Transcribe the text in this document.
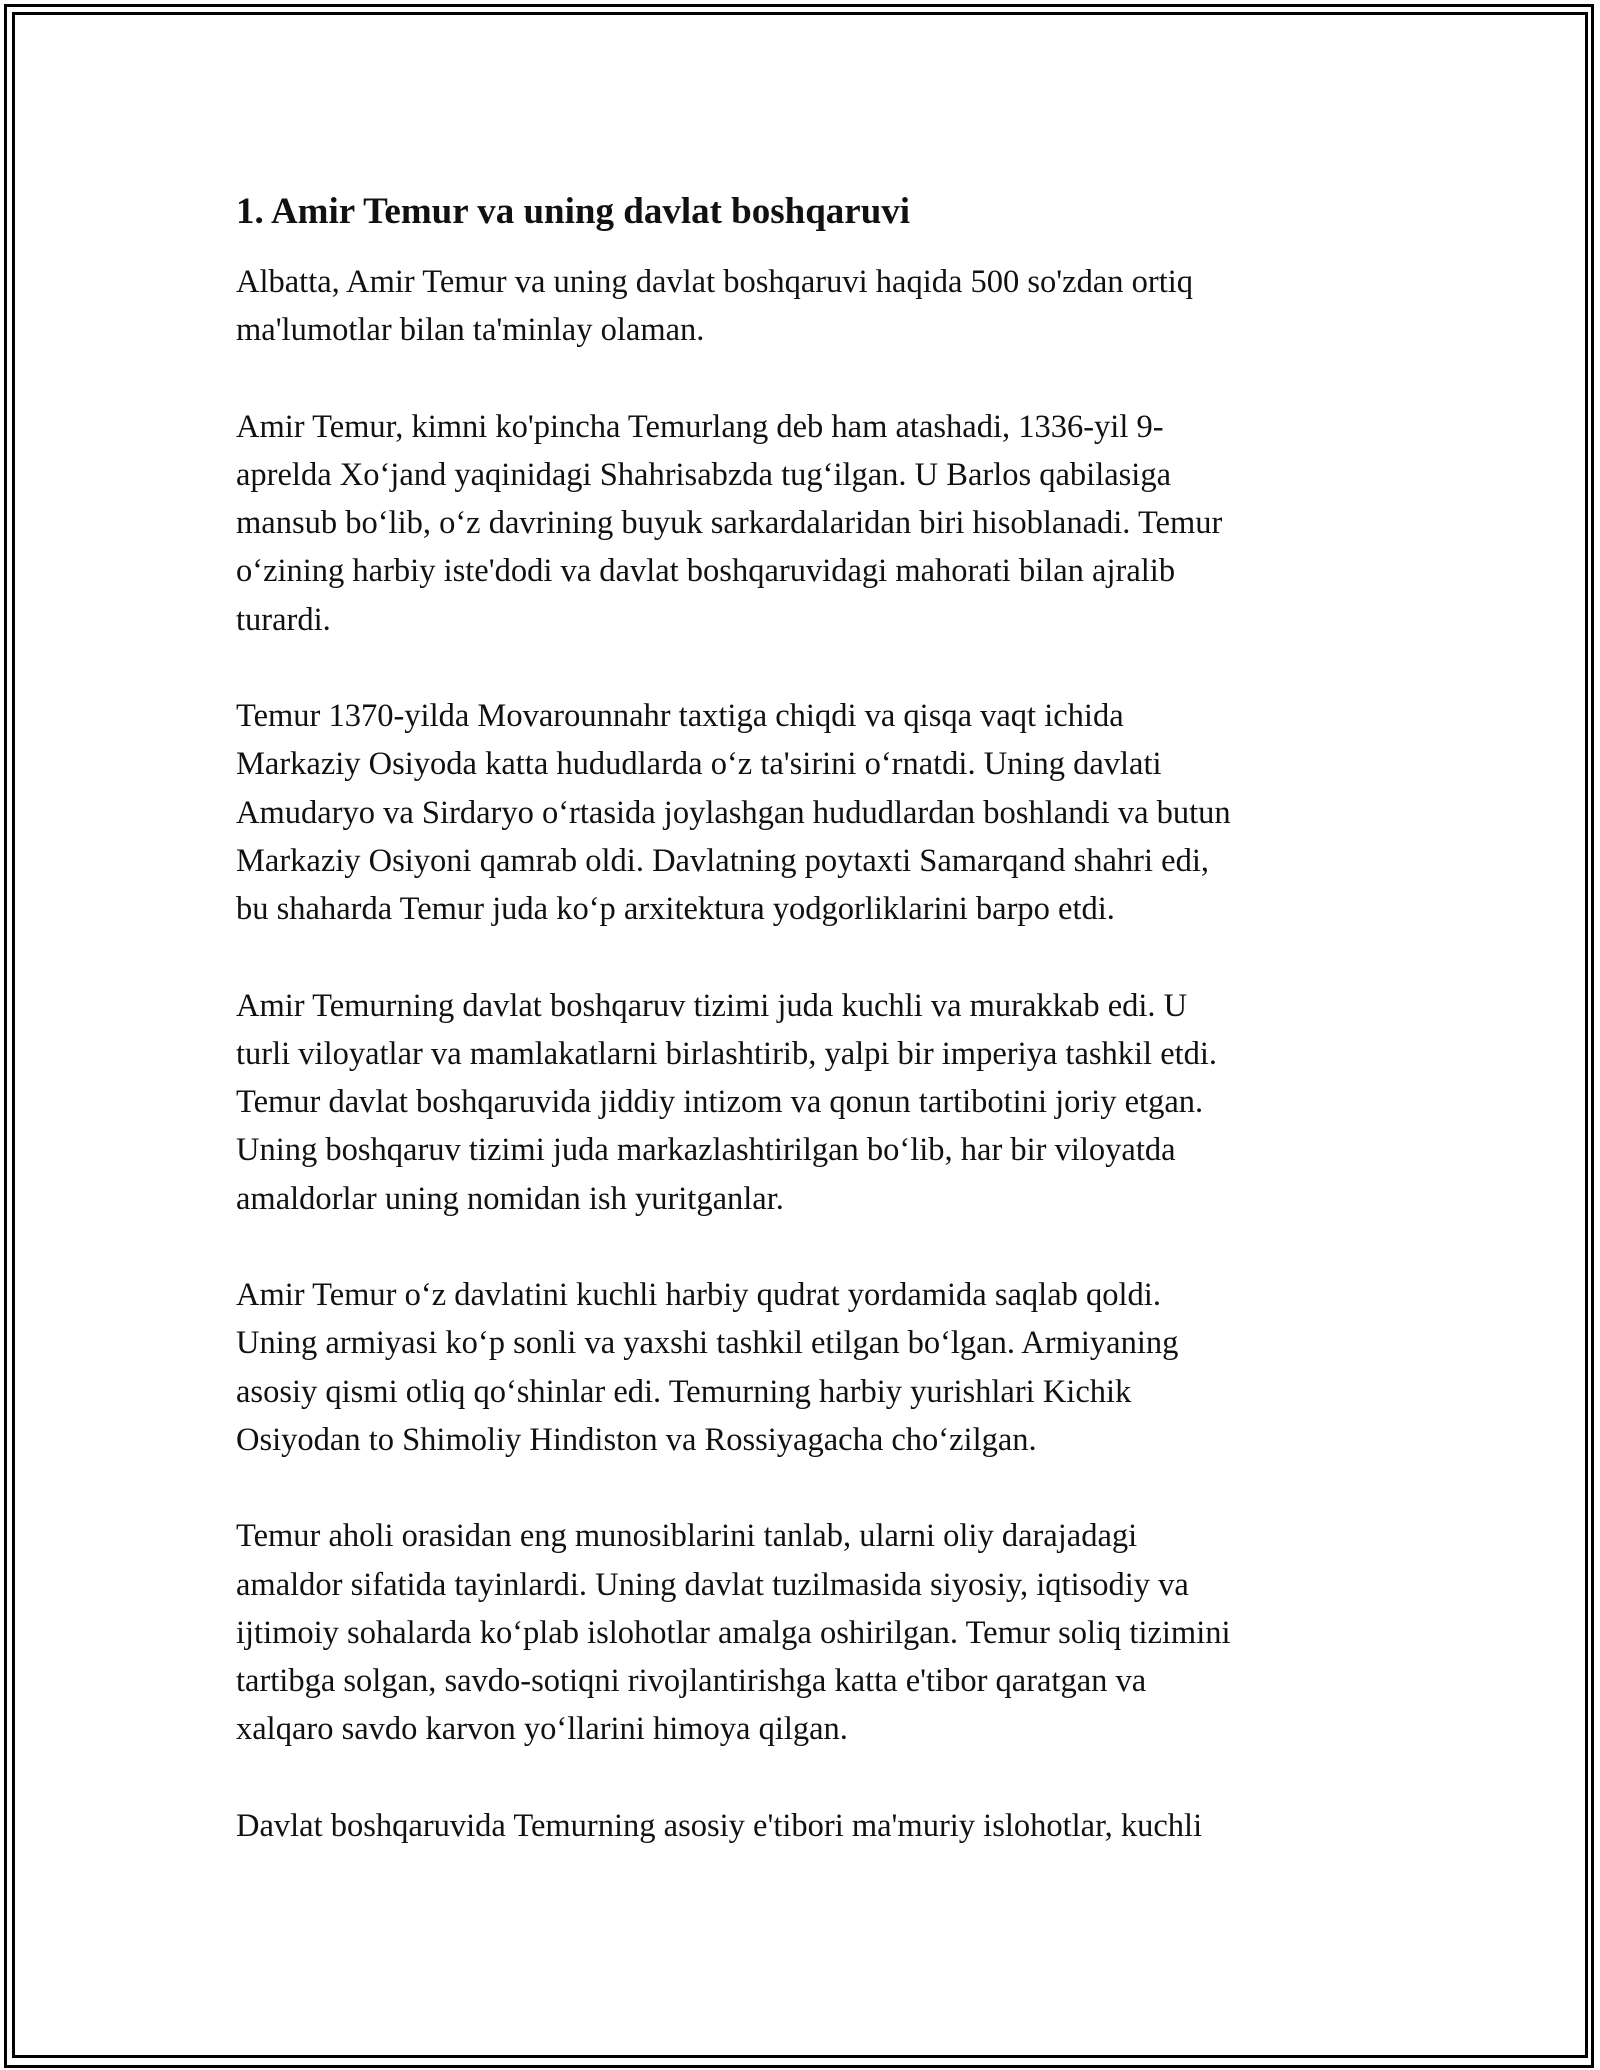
1. Amir Temur va uning davlat boshqaruvi

Albatta, Amir Temur va uning davlat boshqaruvi haqida 500 so'zdan ortiq
ma'lumotlar bilan ta'minlay olaman.

Amir Temur, kimni ko'pincha Temurlang deb ham atashadi, 1336-yil 9-
aprelda Xo‘jand yaqinidagi Shahrisabzda tug‘ilgan. U Barlos qabilasiga
mansub bo‘lib, o‘z davrining buyuk sarkardalaridan biri hisoblanadi. Temur
o‘zining harbiy iste'dodi va davlat boshqaruvidagi mahorati bilan ajralib
turardi.

Temur 1370-yilda Movarounnahr taxtiga chiqdi va qisqa vaqt ichida
Markaziy Osiyoda katta hududlarda o‘z ta'sirini o‘rnatdi. Uning davlati
Amudaryo va Sirdaryo o‘rtasida joylashgan hududlardan boshlandi va butun
Markaziy Osiyoni qamrab oldi. Davlatning poytaxti Samarqand shahri edi,
bu shaharda Temur juda ko‘p arxitektura yodgorliklarini barpo etdi.

Amir Temurning davlat boshqaruv tizimi juda kuchli va murakkab edi. U
turli viloyatlar va mamlakatlarni birlashtirib, yalpi bir imperiya tashkil etdi.
Temur davlat boshqaruvida jiddiy intizom va qonun tartibotini joriy etgan.
Uning boshqaruv tizimi juda markazlashtirilgan bo‘lib, har bir viloyatda
amaldorlar uning nomidan ish yuritganlar.

Amir Temur o‘z davlatini kuchli harbiy qudrat yordamida saqlab qoldi.
Uning armiyasi ko‘p sonli va yaxshi tashkil etilgan bo‘lgan. Armiyaning
asosiy qismi otliq qo‘shinlar edi. Temurning harbiy yurishlari Kichik
Osiyodan to Shimoliy Hindiston va Rossiyagacha cho‘zilgan.

Temur aholi orasidan eng munosiblarini tanlab, ularni oliy darajadagi
amaldor sifatida tayinlardi. Uning davlat tuzilmasida siyosiy, iqtisodiy va
ijtimoiy sohalarda ko‘plab islohotlar amalga oshirilgan. Temur soliq tizimini
tartibga solgan, savdo-sotiqni rivojlantirishga katta e'tibor qaratgan va
xalqaro savdo karvon yo‘llarini himoya qilgan.

Davlat boshqaruvida Temurning asosiy e'tibori ma'muriy islohotlar, kuchli
